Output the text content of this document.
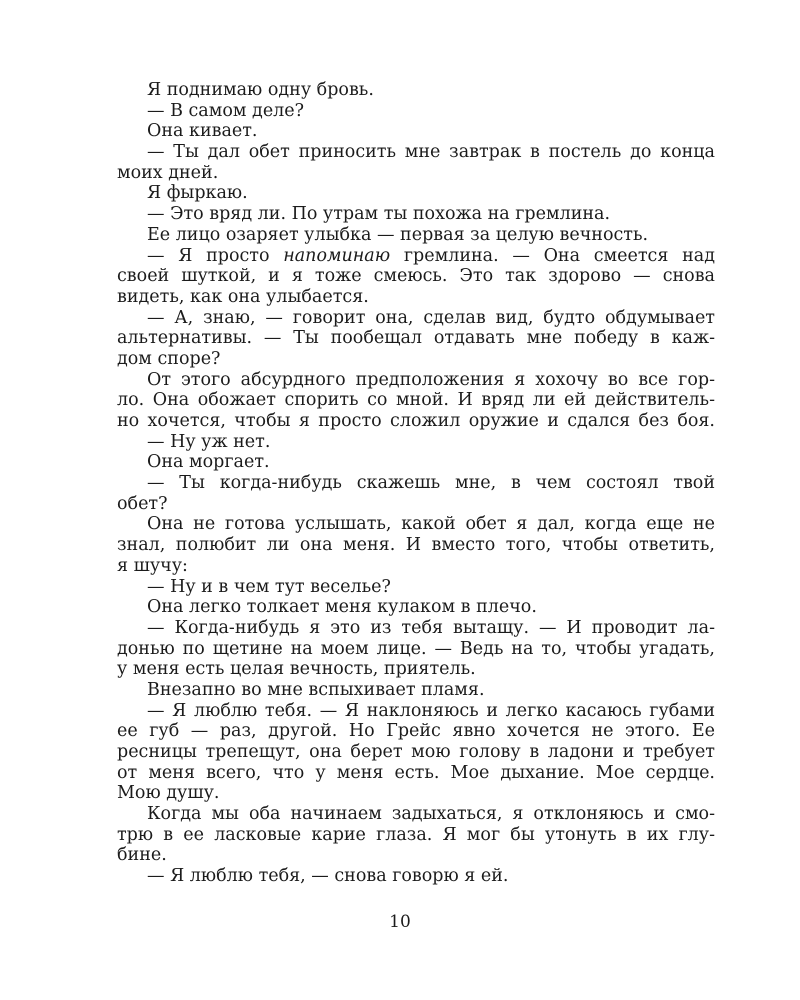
Я поднимаю одну бровь.
— В самом деле?
Она кивает.
— Ты дал обет приносить мне завтрак в постель до конца
моих дней.
Я фыркаю.
— Это вряд ли. По утрам ты похожа на гремлина.
Ее лицо озаряет улыбка — первая за целую вечность.
— Я просто напоминаю гремлина. — Она смеется над
своей шуткой, и я тоже смеюсь. Это так здорово — снова
видеть, как она улыбается.
— А, знаю, — говорит она, сделав вид, будто обдумывает
альтернативы. — Ты пообещал отдавать мне победу в каж-
дом споре?
От этого абсурдного предположения я хохочу во все гор-
ло. Она обожает спорить со мной. И вряд ли ей действитель-
но хочется, чтобы я просто сложил оружие и сдался без боя.
— Ну уж нет.
Она моргает.
— Ты когда-нибудь скажешь мне, в чем состоял твой
обет?
Она не готова услышать, какой обет я дал, когда еще не
знал, полюбит ли она меня. И вместо того, чтобы ответить,
я шучу:
— Ну и в чем тут веселье?
Она легко толкает меня кулаком в плечо.
— Когда-нибудь я это из тебя вытащу. — И проводит ла-
донью по щетине на моем лице. — Ведь на то, чтобы угадать,
у меня есть целая вечность, приятель.
Внезапно во мне вспыхивает пламя.
— Я люблю тебя. — Я наклоняюсь и легко касаюсь губами
ее губ — раз, другой. Но Грейс явно хочется не этого. Ее
ресницы трепещут, она берет мою голову в ладони и требует
от меня всего, что у меня есть. Мое дыхание. Мое сердце.
Мою душу.
Когда мы оба начинаем задыхаться, я отклоняюсь и смо-
трю в ее ласковые карие глаза. Я мог бы утонуть в их глу-
бине.
— Я люблю тебя, — снова говорю я ей.
10
